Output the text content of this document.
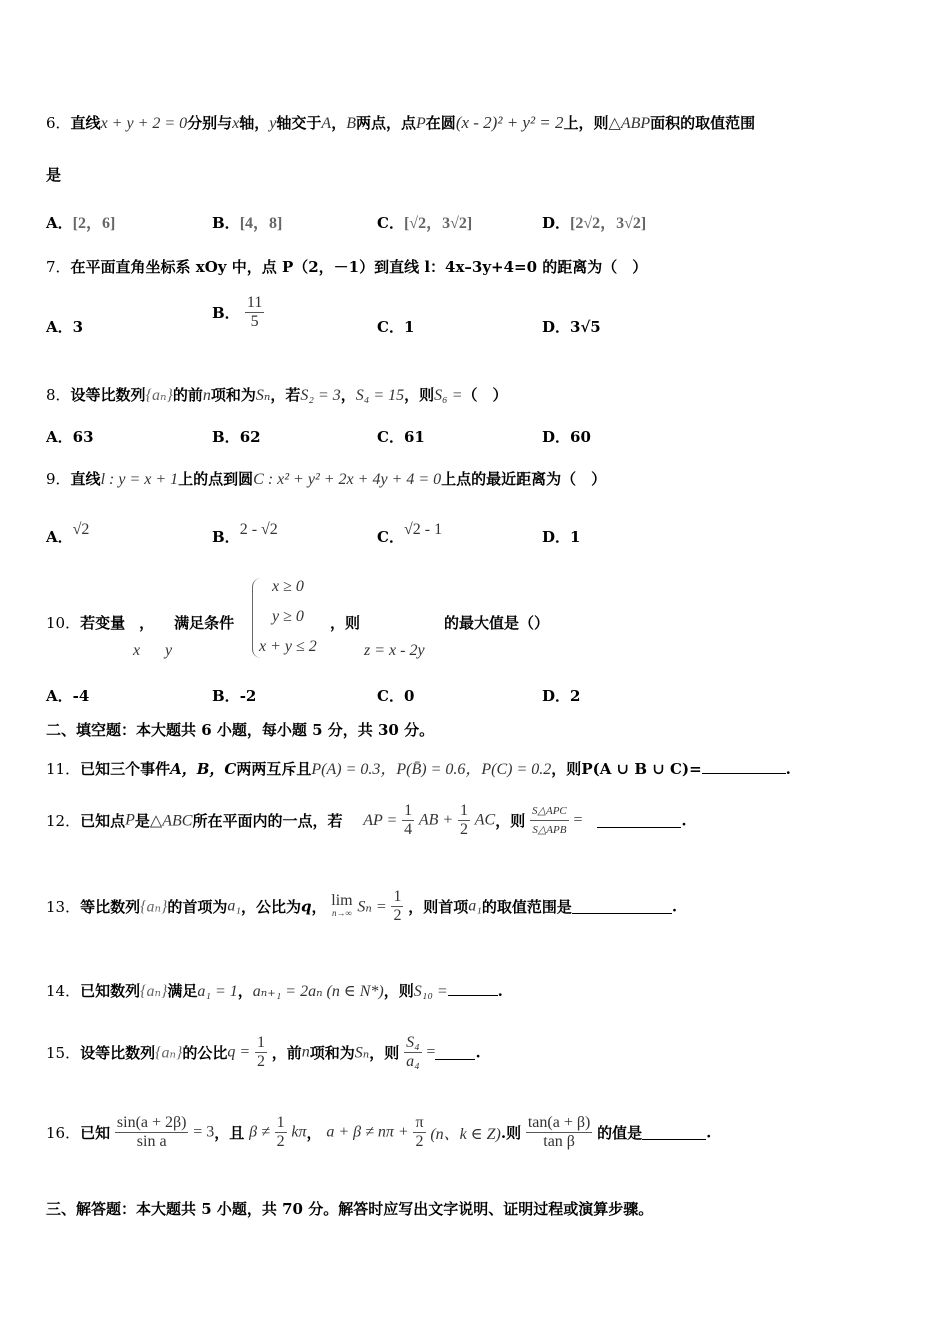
6．直线x + y + 2 = 0分别与x轴，y轴交于A，B两点，点P在圆(x - 2)² + y² = 2上，则△ABP面积的取值范围
是
A．[2，6]	B．[4，8]	C．[√2，3√2]	D．[2√2，3√2]
7．在平面直角坐标系 xOy 中，点 P（2，－1）到直线 l：4x–3y+4=0 的距离为（　）
A．3
B． $\frac{11}{5}$	C．1	D．3√5
8．设等比数列{aₙ}的前n项和为Sₙ，若S₂ = 3，S₄ = 15，则S₆ =（　）
A．63	B．62	C．61	D．60
9．直线l : y = x + 1上的点到圆C : x² + y² + 2x + 4y + 4 = 0上点的最近距离为（　）
A．√2	B．2 - √2	C．√2 - 1	D．1
10．若变量 ， 满足条件
x y
x ≥ 0
y ≥ 0
x + y ≤ 2
，则
z = x - 2y
的最大值是（）
A．-4	B．-2	C．0	D．2
二、填空题：本大题共 6 小题，每小题 5 分，共 30 分。
11．已知三个事件A，B，C两两互斥且P(A) = 0.3，P(B̄) = 0.6，P(C) = 0.2，则P(A ∪ B ∪ C)=	.
12．已知点P是△ABC所在平面内的一点，若 AP = $\frac{1}{4}$ AB + $\frac{1}{2}$ AC，则 $\frac{\text{S△APC}}{\text{S△APB}}$ =	.
13．等比数列{aₙ}的首项为a₁，公比为q， lim
n→∞ $S_n = \frac{1}{2}$ ，则首项a₁的取值范围是	.
14．已知数列{aₙ}满足a₁ = 1，aₙ₊₁ = 2aₙ (n ∈ N*)，则S₁₀ =	.
15．设等比数列{aₙ}的公比$q = \frac{1}{2}$ ，前n项和为Sₙ，则 $\frac{\text{S₄}}{\text{a₄}}$ =	.
16．已知 $\frac{\sin(a + 2\beta)}{\text{sin a}} = 3$，且 $\beta \ne \frac{1}{2}$ kπ， $a + \beta \ne n\pi + \frac{\pi}{2} (n$、k ∈ Z).则 $\frac{\tan(a + \beta)}{\text{tan β}}$ 的值是	.
三、解答题：本大题共 5 小题，共 70 分。解答时应写出文字说明、证明过程或演算步骤。
